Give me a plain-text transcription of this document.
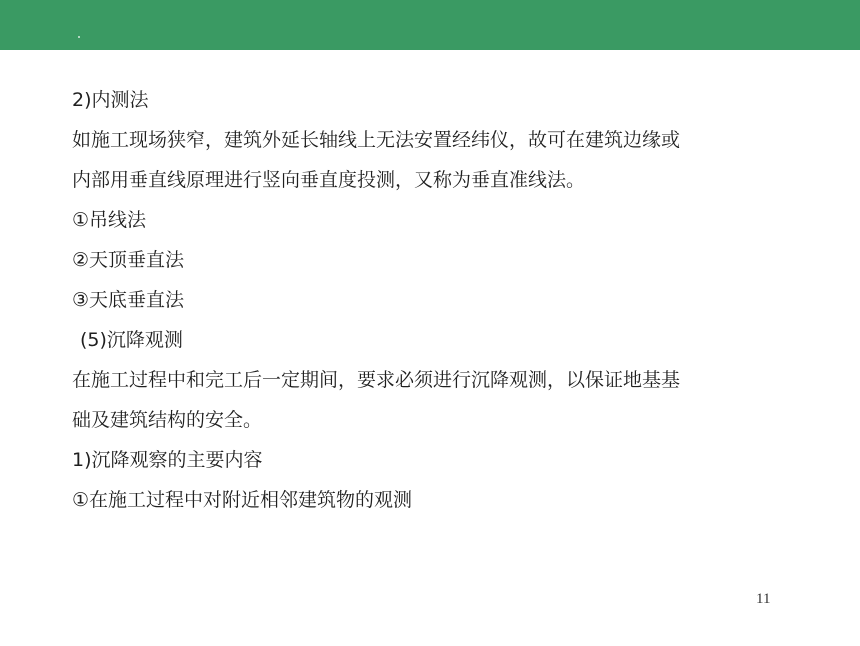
2)内测法
如施工现场狭窄，建筑外延长轴线上无法安置经纬仪，故可在建筑边缘或
内部用垂直线原理进行竖向垂直度投测，又称为垂直准线法。
①吊线法
②天顶垂直法
③天底垂直法
(5)沉降观测
在施工过程中和完工后一定期间，要求必须进行沉降观测，以保证地基基
础及建筑结构的安全。
1)沉降观察的主要内容
①在施工过程中对附近相邻建筑物的观测
11
